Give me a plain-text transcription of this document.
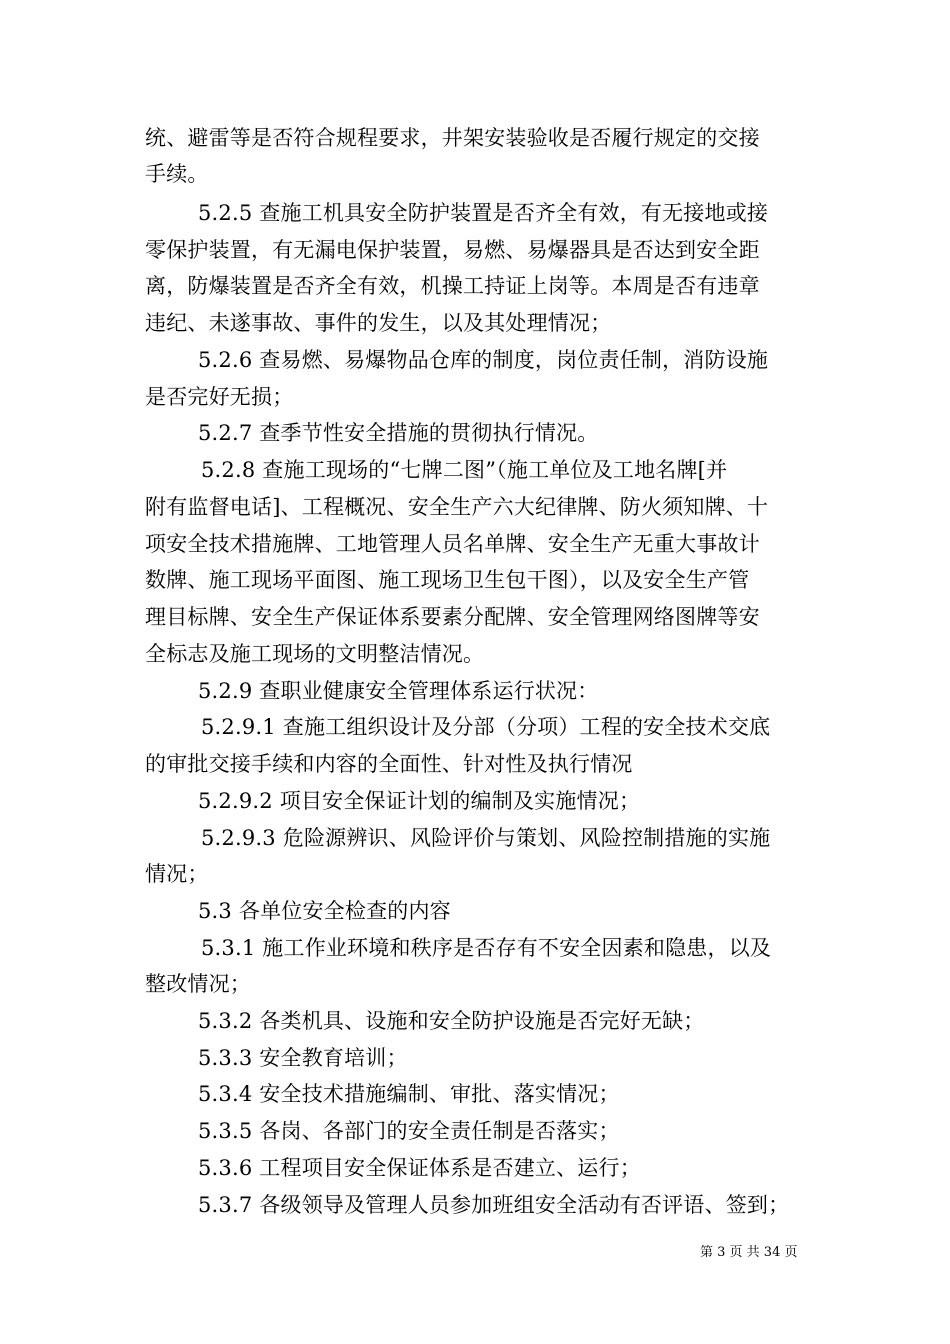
统、避雷等是否符合规程要求，井架安装验收是否履行规定的交接
手续。
5.2.5 查施工机具安全防护装置是否齐全有效，有无接地或接
零保护装置，有无漏电保护装置，易燃、易爆器具是否达到安全距
离，防爆装置是否齐全有效，机操工持证上岗等。本周是否有违章
违纪、未遂事故、事件的发生，以及其处理情况；
5.2.6 查易燃、易爆物品仓库的制度，岗位责任制，消防设施
是否完好无损；
5.2.7 查季节性安全措施的贯彻执行情况。
5.2.8 查施工现场的“七牌二图”（施工单位及工地名牌[并
附有监督电话]、工程概况、安全生产六大纪律牌、防火须知牌、十
项安全技术措施牌、工地管理人员名单牌、安全生产无重大事故计
数牌、施工现场平面图、施工现场卫生包干图），以及安全生产管
理目标牌、安全生产保证体系要素分配牌、安全管理网络图牌等安
全标志及施工现场的文明整洁情况。
5.2.9 查职业健康安全管理体系运行状况：
5.2.9.1 查施工组织设计及分部（分项）工程的安全技术交底
的审批交接手续和内容的全面性、针对性及执行情况
5.2.9.2 项目安全保证计划的编制及实施情况；
5.2.9.3 危险源辨识、风险评价与策划、风险控制措施的实施
情况；
5.3 各单位安全检查的内容
5.3.1 施工作业环境和秩序是否存有不安全因素和隐患，以及
整改情况；
5.3.2 各类机具、设施和安全防护设施是否完好无缺；
5.3.3 安全教育培训；
5.3.4 安全技术措施编制、审批、落实情况；
5.3.5 各岗、各部门的安全责任制是否落实；
5.3.6 工程项目安全保证体系是否建立、运行；
5.3.7 各级领导及管理人员参加班组安全活动有否评语、签到；
第 3 页 共 34 页
